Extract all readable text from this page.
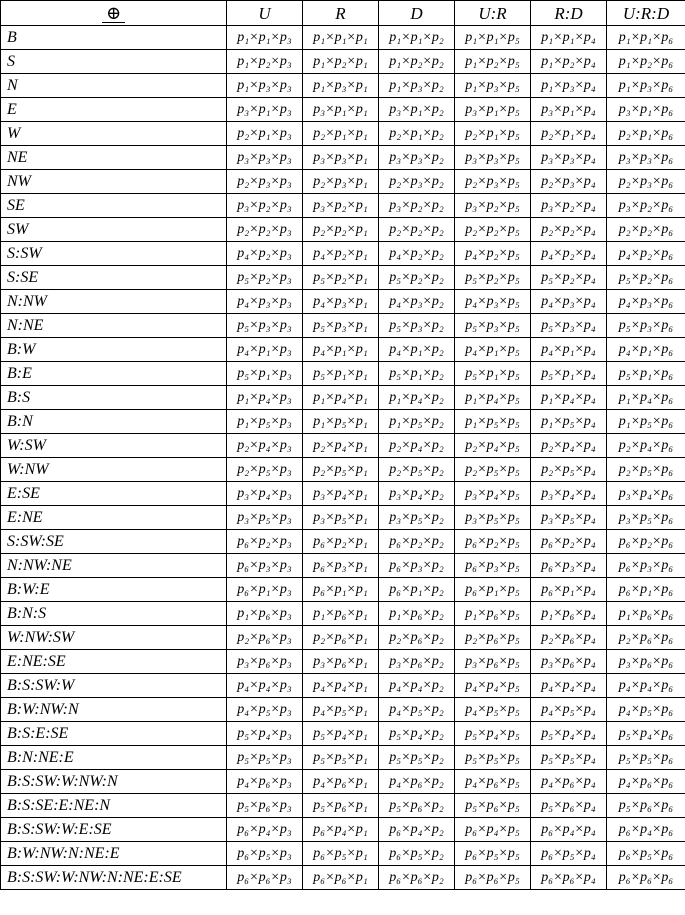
⊕	U	R	D	U:R	R:D	U:R:D
B	p₁×p₁×p₃	p₁×p₁×p₁	p₁×p₁×p₂	p₁×p₁×p₅	p₁×p₁×p₄	p₁×p₁×p₆
S	p₁×p₂×p₃	p₁×p₂×p₁	p₁×p₂×p₂	p₁×p₂×p₅	p₁×p₂×p₄	p₁×p₂×p₆
N	p₁×p₃×p₃	p₁×p₃×p₁	p₁×p₃×p₂	p₁×p₃×p₅	p₁×p₃×p₄	p₁×p₃×p₆
E	p₃×p₁×p₃	p₃×p₁×p₁	p₃×p₁×p₂	p₃×p₁×p₅	p₃×p₁×p₄	p₃×p₁×p₆
W	p₂×p₁×p₃	p₂×p₁×p₁	p₂×p₁×p₂	p₂×p₁×p₅	p₂×p₁×p₄	p₂×p₁×p₆
NE	p₃×p₃×p₃	p₃×p₃×p₁	p₃×p₃×p₂	p₃×p₃×p₅	p₃×p₃×p₄	p₃×p₃×p₆
NW	p₂×p₃×p₃	p₂×p₃×p₁	p₂×p₃×p₂	p₂×p₃×p₅	p₂×p₃×p₄	p₂×p₃×p₆
SE	p₃×p₂×p₃	p₃×p₂×p₁	p₃×p₂×p₂	p₃×p₂×p₅	p₃×p₂×p₄	p₃×p₂×p₆
SW	p₂×p₂×p₃	p₂×p₂×p₁	p₂×p₂×p₂	p₂×p₂×p₅	p₂×p₂×p₄	p₂×p₂×p₆
S:SW	p₄×p₂×p₃	p₄×p₂×p₁	p₄×p₂×p₂	p₄×p₂×p₅	p₄×p₂×p₄	p₄×p₂×p₆
S:SE	p₅×p₂×p₃	p₅×p₂×p₁	p₅×p₂×p₂	p₅×p₂×p₅	p₅×p₂×p₄	p₅×p₂×p₆
N:NW	p₄×p₃×p₃	p₄×p₃×p₁	p₄×p₃×p₂	p₄×p₃×p₅	p₄×p₃×p₄	p₄×p₃×p₆
N:NE	p₅×p₃×p₃	p₅×p₃×p₁	p₅×p₃×p₂	p₅×p₃×p₅	p₅×p₃×p₄	p₅×p₃×p₆
B:W	p₄×p₁×p₃	p₄×p₁×p₁	p₄×p₁×p₂	p₄×p₁×p₅	p₄×p₁×p₄	p₄×p₁×p₆
B:E	p₅×p₁×p₃	p₅×p₁×p₁	p₅×p₁×p₂	p₅×p₁×p₅	p₅×p₁×p₄	p₅×p₁×p₆
B:S	p₁×p₄×p₃	p₁×p₄×p₁	p₁×p₄×p₂	p₁×p₄×p₅	p₁×p₄×p₄	p₁×p₄×p₆
B:N	p₁×p₅×p₃	p₁×p₅×p₁	p₁×p₅×p₂	p₁×p₅×p₅	p₁×p₅×p₄	p₁×p₅×p₆
W:SW	p₂×p₄×p₃	p₂×p₄×p₁	p₂×p₄×p₂	p₂×p₄×p₅	p₂×p₄×p₄	p₂×p₄×p₆
W:NW	p₂×p₅×p₃	p₂×p₅×p₁	p₂×p₅×p₂	p₂×p₅×p₅	p₂×p₅×p₄	p₂×p₅×p₆
E:SE	p₃×p₄×p₃	p₃×p₄×p₁	p₃×p₄×p₂	p₃×p₄×p₅	p₃×p₄×p₄	p₃×p₄×p₆
E:NE	p₃×p₅×p₃	p₃×p₅×p₁	p₃×p₅×p₂	p₃×p₅×p₅	p₃×p₅×p₄	p₃×p₅×p₆
S:SW:SE	p₆×p₂×p₃	p₆×p₂×p₁	p₆×p₂×p₂	p₆×p₂×p₅	p₆×p₂×p₄	p₆×p₂×p₆
N:NW:NE	p₆×p₃×p₃	p₆×p₃×p₁	p₆×p₃×p₂	p₆×p₃×p₅	p₆×p₃×p₄	p₆×p₃×p₆
B:W:E	p₆×p₁×p₃	p₆×p₁×p₁	p₆×p₁×p₂	p₆×p₁×p₅	p₆×p₁×p₄	p₆×p₁×p₆
B:N:S	p₁×p₆×p₃	p₁×p₆×p₁	p₁×p₆×p₂	p₁×p₆×p₅	p₁×p₆×p₄	p₁×p₆×p₆
W:NW:SW	p₂×p₆×p₃	p₂×p₆×p₁	p₂×p₆×p₂	p₂×p₆×p₅	p₂×p₆×p₄	p₂×p₆×p₆
E:NE:SE	p₃×p₆×p₃	p₃×p₆×p₁	p₃×p₆×p₂	p₃×p₆×p₅	p₃×p₆×p₄	p₃×p₆×p₆
B:S:SW:W	p₄×p₄×p₃	p₄×p₄×p₁	p₄×p₄×p₂	p₄×p₄×p₅	p₄×p₄×p₄	p₄×p₄×p₆
B:W:NW:N	p₄×p₅×p₃	p₄×p₅×p₁	p₄×p₅×p₂	p₄×p₅×p₅	p₄×p₅×p₄	p₄×p₅×p₆
B:S:E:SE	p₅×p₄×p₃	p₅×p₄×p₁	p₅×p₄×p₂	p₅×p₄×p₅	p₅×p₄×p₄	p₅×p₄×p₆
B:N:NE:E	p₅×p₅×p₃	p₅×p₅×p₁	p₅×p₅×p₂	p₅×p₅×p₅	p₅×p₅×p₄	p₅×p₅×p₆
B:S:SW:W:NW:N	p₄×p₆×p₃	p₄×p₆×p₁	p₄×p₆×p₂	p₄×p₆×p₅	p₄×p₆×p₄	p₄×p₆×p₆
B:S:SE:E:NE:N	p₅×p₆×p₃	p₅×p₆×p₁	p₅×p₆×p₂	p₅×p₆×p₅	p₅×p₆×p₄	p₅×p₆×p₆
B:S:SW:W:E:SE	p₆×p₄×p₃	p₆×p₄×p₁	p₆×p₄×p₂	p₆×p₄×p₅	p₆×p₄×p₄	p₆×p₄×p₆
B:W:NW:N:NE:E	p₆×p₅×p₃	p₆×p₅×p₁	p₆×p₅×p₂	p₆×p₅×p₅	p₆×p₅×p₄	p₆×p₅×p₆
B:S:SW:W:NW:N:NE:E:SE	p₆×p₆×p₃	p₆×p₆×p₁	p₆×p₆×p₂	p₆×p₆×p₅	p₆×p₆×p₄	p₆×p₆×p₆
